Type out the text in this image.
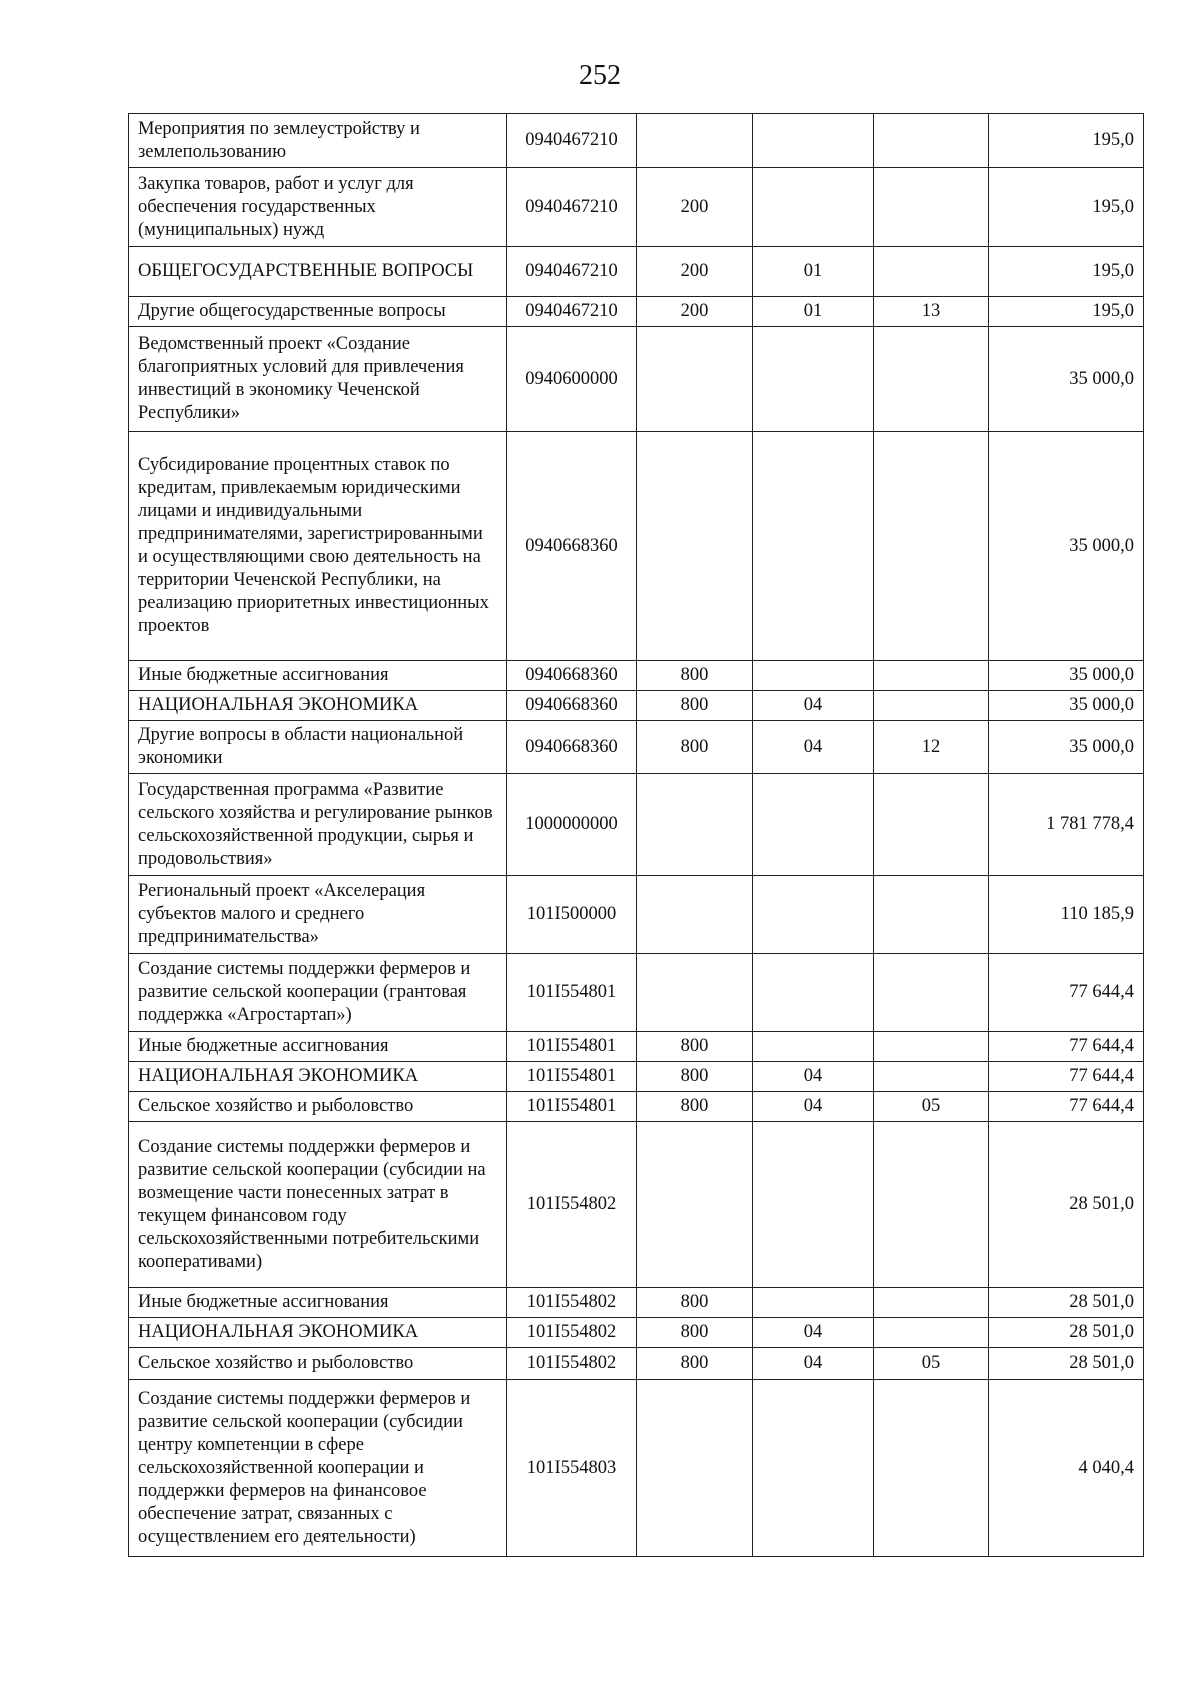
252
Мероприятия по землеустройству и землепользованию	0940467210				195,0
Закупка товаров, работ и услуг для обеспечения государственных (муниципальных) нужд	0940467210	200			195,0
ОБЩЕГОСУДАРСТВЕННЫЕ ВОПРОСЫ	0940467210	200	01		195,0
Другие общегосударственные вопросы	0940467210	200	01	13	195,0
Ведомственный проект «Создание благоприятных условий для привлечения инвестиций в экономику Чеченской Республики»	0940600000				35 000,0
Субсидирование процентных ставок по кредитам, привлекаемым юридическими лицами и индивидуальными предпринимателями, зарегистрированными и осуществляющими свою деятельность на территории Чеченской Республики, на реализацию приоритетных инвестиционных проектов	0940668360				35 000,0
Иные бюджетные ассигнования	0940668360	800			35 000,0
НАЦИОНАЛЬНАЯ ЭКОНОМИКА	0940668360	800	04		35 000,0
Другие вопросы в области национальной экономики	0940668360	800	04	12	35 000,0
Государственная программа «Развитие сельского хозяйства и регулирование рынков сельскохозяйственной продукции, сырья и продовольствия»	1000000000				1 781 778,4
Региональный проект «Акселерация субъектов малого и среднего предпринимательства»	101I500000				110 185,9
Создание системы поддержки фермеров и развитие сельской кооперации (грантовая поддержка «Агростартап»)	101I554801				77 644,4
Иные бюджетные ассигнования	101I554801	800			77 644,4
НАЦИОНАЛЬНАЯ ЭКОНОМИКА	101I554801	800	04		77 644,4
Сельское хозяйство и рыболовство	101I554801	800	04	05	77 644,4
Создание системы поддержки фермеров и развитие сельской кооперации (субсидии на возмещение части понесенных затрат в текущем финансовом году сельскохозяйственными потребительскими кооперативами)	101I554802				28 501,0
Иные бюджетные ассигнования	101I554802	800			28 501,0
НАЦИОНАЛЬНАЯ ЭКОНОМИКА	101I554802	800	04		28 501,0
Сельское хозяйство и рыболовство	101I554802	800	04	05	28 501,0
Создание системы поддержки фермеров и развитие сельской кооперации (субсидии центру компетенции в сфере сельскохозяйственной кооперации и поддержки фермеров на финансовое обеспечение затрат, связанных с осуществлением его деятельности)	101I554803				4 040,4
